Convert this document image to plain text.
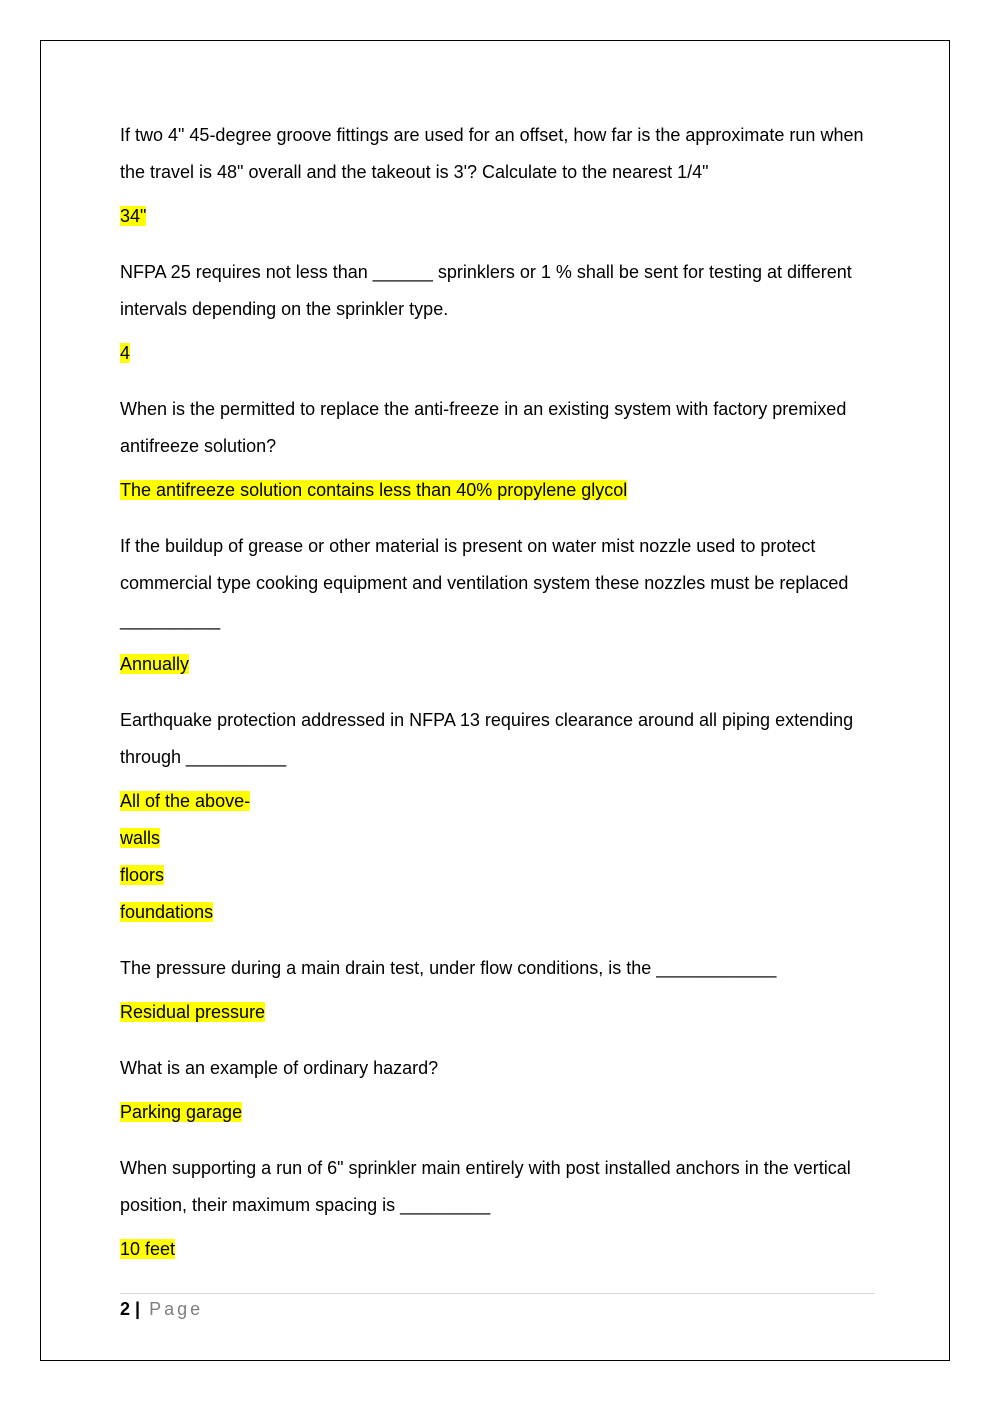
If two 4" 45-degree groove fittings are used for an offset, how far is the approximate run when the travel is 48" overall and the takeout is 3'? Calculate to the nearest 1/4"

34"

NFPA 25 requires not less than ______ sprinklers or 1 % shall be sent for testing at different intervals depending on the sprinkler type.

4

When is the permitted to replace the anti-freeze in an existing system with factory premixed antifreeze solution?

The antifreeze solution contains less than 40% propylene glycol

If the buildup of grease or other material is present on water mist nozzle used to protect commercial type cooking equipment and ventilation system these nozzles must be replaced __________

Annually

Earthquake protection addressed in NFPA 13 requires clearance around all piping extending through __________

All of the above-
walls
floors
foundations

The pressure during a main drain test, under flow conditions, is the ____________

Residual pressure

What is an example of ordinary hazard?

Parking garage

When supporting a run of 6" sprinkler main entirely with post installed anchors in the vertical position, their maximum spacing is _________

10 feet

2 | Page
